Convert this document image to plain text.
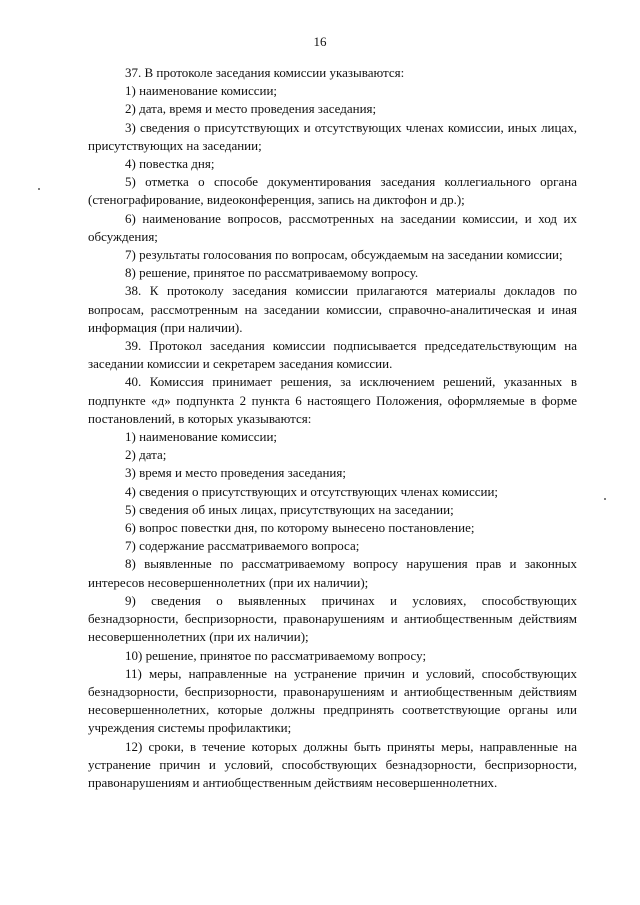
16

37. В протоколе заседания комиссии указываются:

1) наименование комиссии;

2) дата, время и место проведения заседания;

3) сведения о присутствующих и отсутствующих членах комиссии, иных лицах, присутствующих на заседании;

4) повестка дня;

5) отметка о способе документирования заседания коллегиального органа (стенографирование, видеоконференция, запись на диктофон и др.);

6) наименование вопросов, рассмотренных на заседании комиссии, и ход их обсуждения;

7) результаты голосования по вопросам, обсуждаемым на заседании комиссии;

8) решение, принятое по рассматриваемому вопросу.

38. К протоколу заседания комиссии прилагаются материалы докладов по вопросам, рассмотренным на заседании комиссии, справочно-аналитическая и иная информация (при наличии).

39. Протокол заседания комиссии подписывается председательствующим на заседании комиссии и секретарем заседания комиссии.

40. Комиссия принимает решения, за исключением решений, указанных в подпункте «д» подпункта 2 пункта 6 настоящего Положения, оформляемые в форме постановлений, в которых указываются:

1) наименование комиссии;

2) дата;

3) время и место проведения заседания;

4) сведения о присутствующих и отсутствующих членах комиссии;

5) сведения об иных лицах, присутствующих на заседании;

6) вопрос повестки дня, по которому вынесено постановление;

7) содержание рассматриваемого вопроса;

8) выявленные по рассматриваемому вопросу нарушения прав и законных интересов несовершеннолетних (при их наличии);

9) сведения о выявленных причинах и условиях, способствующих безнадзорности, беспризорности, правонарушениям и антиобщественным действиям несовершеннолетних (при их наличии);

10) решение, принятое по рассматриваемому вопросу;

11) меры, направленные на устранение причин и условий, способствующих безнадзорности, беспризорности, правонарушениям и антиобщественным действиям несовершеннолетних, которые должны предпринять соответствующие органы или учреждения системы профилактики;

12) сроки, в течение которых должны быть приняты меры, направленные на устранение причин и условий, способствующих безнадзорности, беспризорности, правонарушениям и антиобщественным действиям несовершеннолетних.
